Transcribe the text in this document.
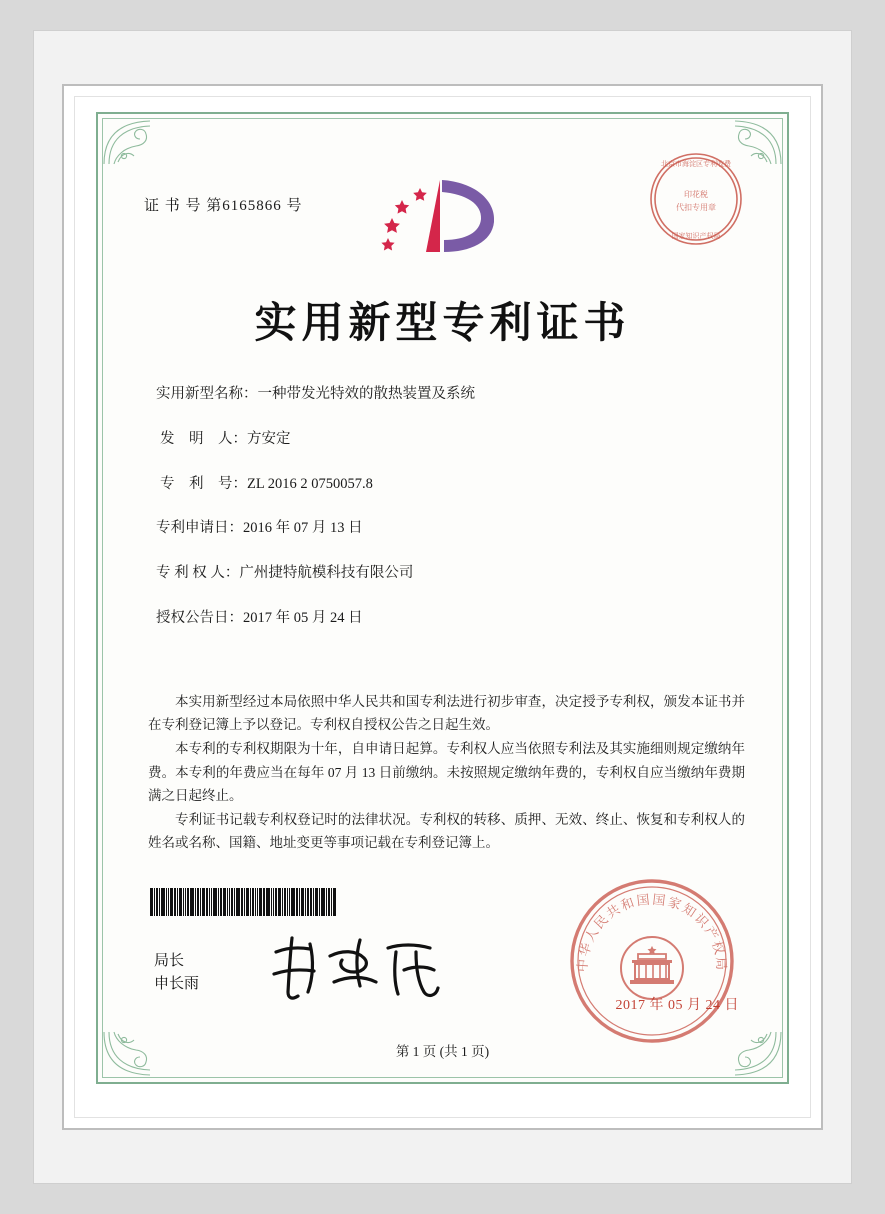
证 书 号 第6165866 号
北京市海淀区专利收费
印花税
代扣专用章
国家知识产权局
实用新型专利证书
实用新型名称：一种带发光特效的散热装置及系统
发　明　人：方安定
专　利　号：ZL 2016 2 0750057.8
专利申请日：2016 年 07 月 13 日
专 利 权 人：广州捷特航模科技有限公司
授权公告日：2017 年 05 月 24 日

本实用新型经过本局依照中华人民共和国专利法进行初步审查，决定授予专利权，颁发本证书并在专利登记簿上予以登记。专利权自授权公告之日起生效。

本专利的专利权期限为十年，自申请日起算。专利权人应当依照专利法及其实施细则规定缴纳年费。本专利的年费应当在每年 07 月 13 日前缴纳。未按照规定缴纳年费的，专利权自应当缴纳年费期满之日起终止。

专利证书记载专利权登记时的法律状况。专利权的转移、质押、无效、终止、恢复和专利权人的姓名或名称、国籍、地址变更等事项记载在专利登记簿上。

局长
申长雨
中华人民共和国国家知识产权局
2017 年 05 月 24 日
第 1 页 (共 1 页)
